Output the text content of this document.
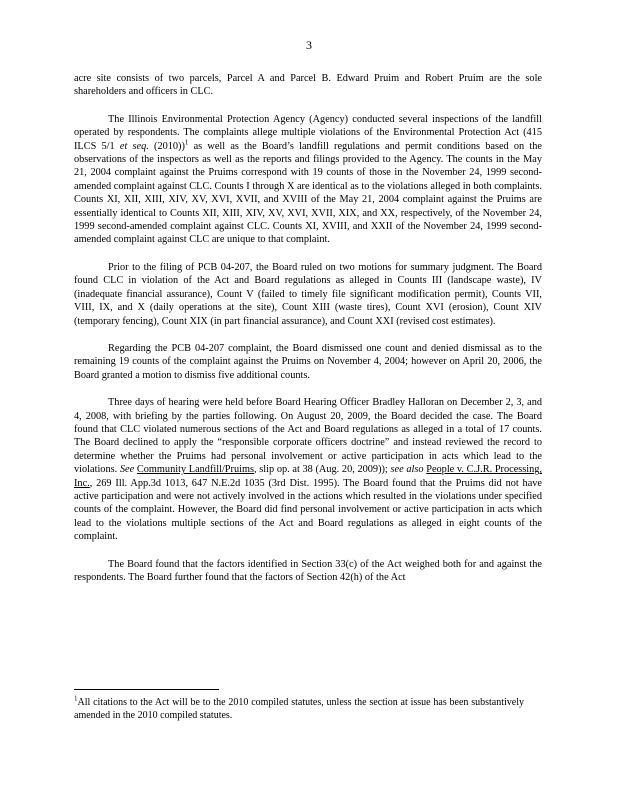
3

acre site consists of two parcels, Parcel A and Parcel B. Edward Pruim and Robert Pruim are the sole shareholders and officers in CLC.

The Illinois Environmental Protection Agency (Agency) conducted several inspections of the landfill operated by respondents. The complaints allege multiple violations of the Environmental Protection Act (415 ILCS 5/1 et seq. (2010))$^1$ as well as the Board’s landfill regulations and permit conditions based on the observations of the inspectors as well as the reports and filings provided to the Agency. The counts in the May 21, 2004 complaint against the Pruims correspond with 19 counts of those in the November 24, 1999 second-amended complaint against CLC. Counts I through X are identical as to the violations alleged in both complaints. Counts XI, XII, XIII, XIV, XV, XVI, XVII, and XVIII of the May 21, 2004 complaint against the Pruims are essentially identical to Counts XII, XIII, XIV, XV, XVI, XVII, XIX, and XX, respectively, of the November 24, 1999 second-amended complaint against CLC. Counts XI, XVIII, and XXII of the November 24, 1999 second-amended complaint against CLC are unique to that complaint.

Prior to the filing of PCB 04-207, the Board ruled on two motions for summary judgment. The Board found CLC in violation of the Act and Board regulations as alleged in Counts III (landscape waste), IV (inadequate financial assurance), Count V (failed to timely file significant modification permit), Counts VII, VIII, IX, and X (daily operations at the site), Count XIII (waste tires), Count XVI (erosion), Count XIV (temporary fencing), Count XIX (in part financial assurance), and Count XXI (revised cost estimates).

Regarding the PCB 04-207 complaint, the Board dismissed one count and denied dismissal as to the remaining 19 counts of the complaint against the Pruims on November 4, 2004; however on April 20, 2006, the Board granted a motion to dismiss five additional counts.

Three days of hearing were held before Board Hearing Officer Bradley Halloran on December 2, 3, and 4, 2008, with briefing by the parties following. On August 20, 2009, the Board decided the case. The Board found that CLC violated numerous sections of the Act and Board regulations as alleged in a total of 17 counts. The Board declined to apply the “responsible corporate officers doctrine” and instead reviewed the record to determine whether the Pruims had personal involvement or active participation in acts which lead to the violations. See Community Landfill/Pruims, slip op. at 38 (Aug. 20, 2009)); see also People v. C.J.R. Processing, Inc., 269 Ill. App.3d 1013, 647 N.E.2d 1035 (3rd Dist. 1995). The Board found that the Pruims did not have active participation and were not actively involved in the actions which resulted in the violations under specified counts of the complaint. However, the Board did find personal involvement or active participation in acts which lead to the violations multiple sections of the Act and Board regulations as alleged in eight counts of the complaint.

The Board found that the factors identified in Section 33(c) of the Act weighed both for and against the respondents. The Board further found that the factors of Section 42(h) of the Act

$^1$All citations to the Act will be to the 2010 compiled statutes, unless the section at issue has been substantively amended in the 2010 compiled statutes.
